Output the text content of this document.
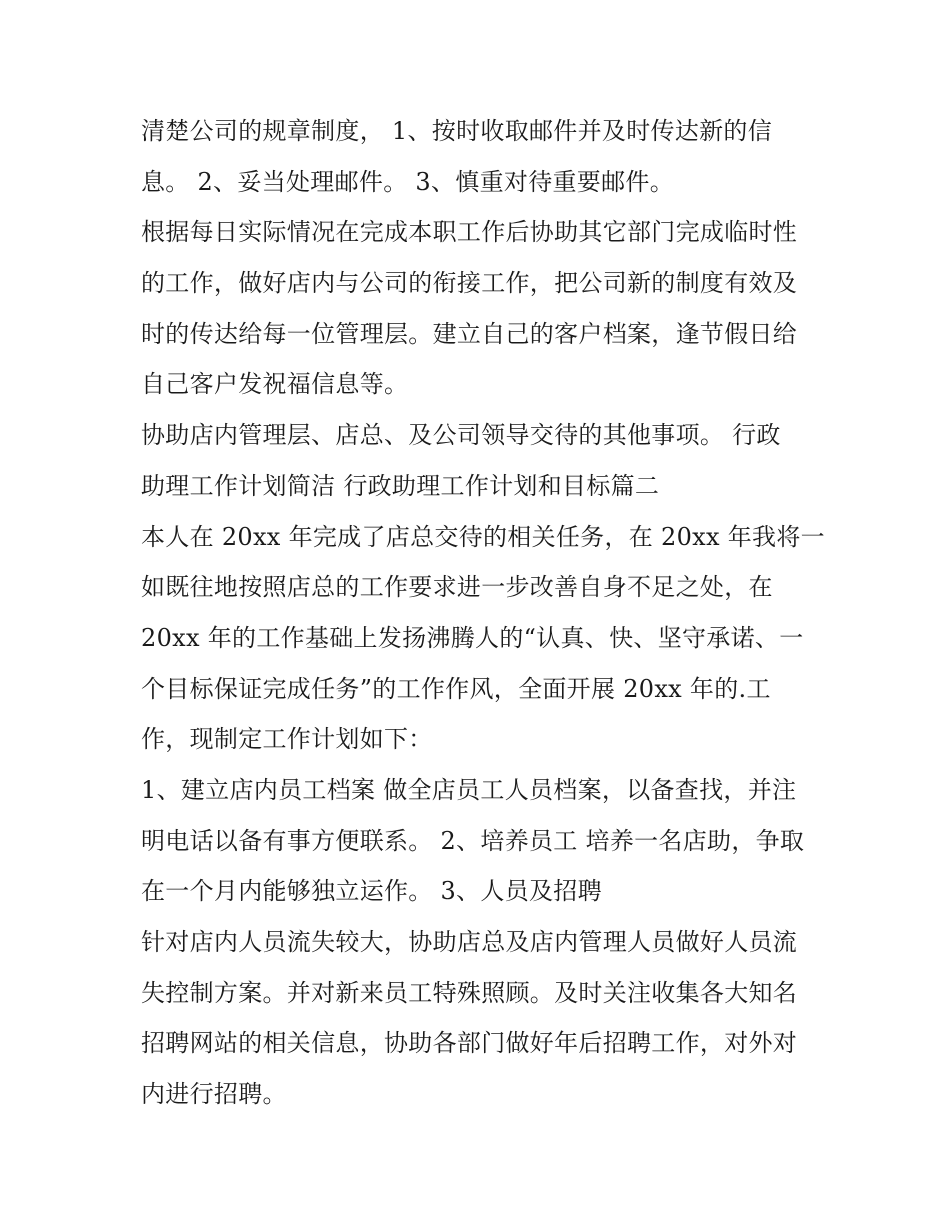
清楚公司的规章制度， 1、按时收取邮件并及时传达新的信
息。 2、妥当处理邮件。 3、慎重对待重要邮件。
根据每日实际情况在完成本职工作后协助其它部门完成临时性
的工作，做好店内与公司的衔接工作，把公司新的制度有效及
时的传达给每一位管理层。建立自己的客户档案，逢节假日给
自己客户发祝福信息等。
协助店内管理层、店总、及公司领导交待的其他事项。 行政
助理工作计划简洁 行政助理工作计划和目标篇二
本人在 20xx 年完成了店总交待的相关任务，在 20xx 年我将一
如既往地按照店总的工作要求进一步改善自身不足之处，在
20xx 年的工作基础上发扬沸腾人的“认真、快、坚守承诺、一
个目标保证完成任务”的工作作风，全面开展 20xx 年的.工
作，现制定工作计划如下：
1、建立店内员工档案 做全店员工人员档案，以备查找，并注
明电话以备有事方便联系。 2、培养员工 培养一名店助，争取
在一个月内能够独立运作。 3、人员及招聘
针对店内人员流失较大，协助店总及店内管理人员做好人员流
失控制方案。并对新来员工特殊照顾。及时关注收集各大知名
招聘网站的相关信息，协助各部门做好年后招聘工作，对外对
内进行招聘。
